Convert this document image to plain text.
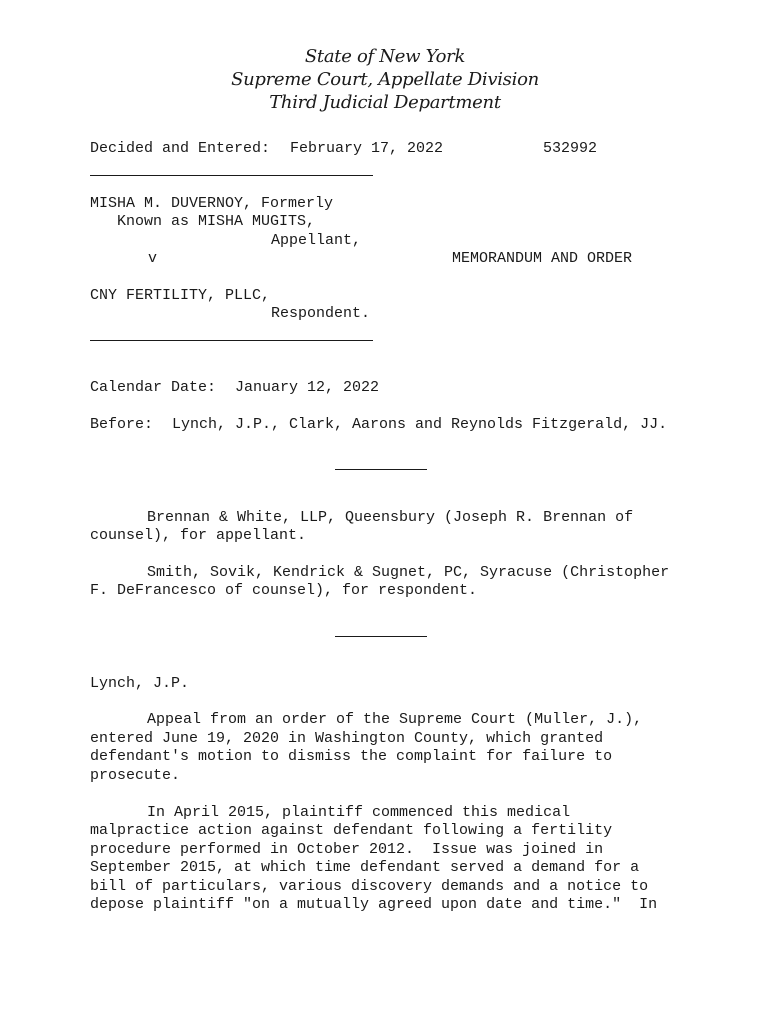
State of New York
Supreme Court, Appellate Division
Third Judicial Department
Decided and Entered: February 17, 2022	532992
MISHA M. DUVERNOY, Formerly
Known as MISHA MUGITS,
Appellant,
v	MEMORANDUM AND ORDER
CNY FERTILITY, PLLC,
Respondent.
Calendar Date: January 12, 2022
Before: Lynch, J.P., Clark, Aarons and Reynolds Fitzgerald, JJ.
Brennan & White, LLP, Queensbury (Joseph R. Brennan of
counsel), for appellant.
Smith, Sovik, Kendrick & Sugnet, PC, Syracuse (Christopher
F. DeFrancesco of counsel), for respondent.
Lynch, J.P.
Appeal from an order of the Supreme Court (Muller, J.),
entered June 19, 2020 in Washington County, which granted
defendant's motion to dismiss the complaint for failure to
prosecute.
In April 2015, plaintiff commenced this medical
malpractice action against defendant following a fertility
procedure performed in October 2012.  Issue was joined in
September 2015, at which time defendant served a demand for a
bill of particulars, various discovery demands and a notice to
depose plaintiff "on a mutually agreed upon date and time."  In
